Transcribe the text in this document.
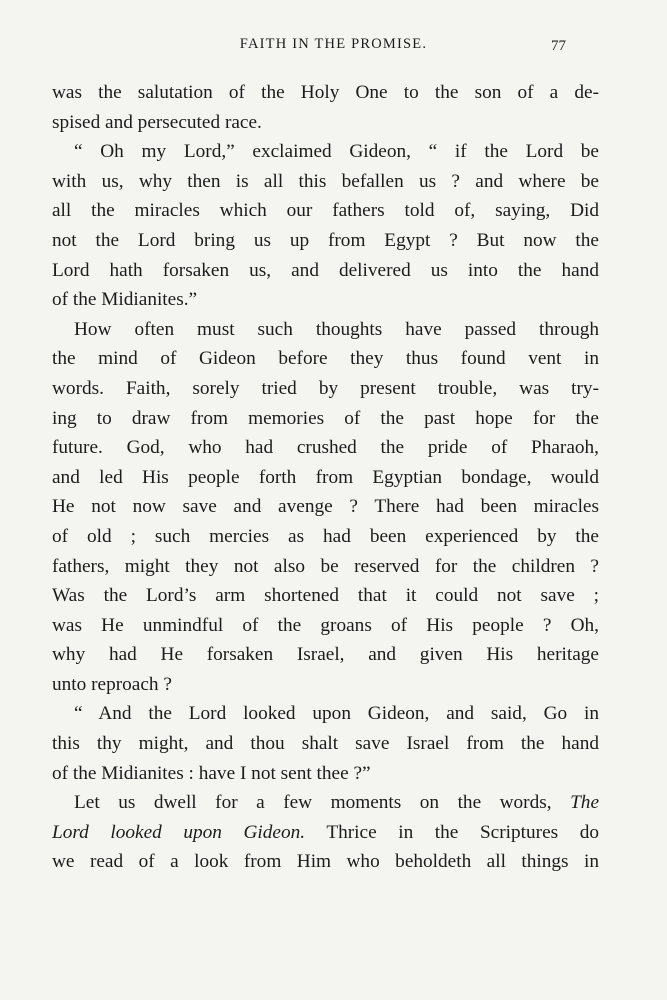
FAITH IN THE PROMISE.	77
was the salutation of the Holy One to the son of a de-
spised and persecuted race.
“ Oh my Lord,” exclaimed Gideon, “ if the Lord be
with us, why then is all this befallen us ? and where be
all the miracles which our fathers told of, saying, Did
not the Lord bring us up from Egypt ? But now the
Lord hath forsaken us, and delivered us into the hand
of the Midianites.”
How often must such thoughts have passed through
the mind of Gideon before they thus found vent in
words. Faith, sorely tried by present trouble, was try-
ing to draw from memories of the past hope for the
future. God, who had crushed the pride of Pharaoh,
and led His people forth from Egyptian bondage, would
He not now save and avenge ? There had been miracles
of old ; such mercies as had been experienced by the
fathers, might they not also be reserved for the children ?
Was the Lord’s arm shortened that it could not save ;
was He unmindful of the groans of His people ? Oh,
why had He forsaken Israel, and given His heritage
unto reproach ?
“ And the Lord looked upon Gideon, and said, Go in
this thy might, and thou shalt save Israel from the hand
of the Midianites : have I not sent thee ?”
Let us dwell for a few moments on the words, The
Lord looked upon Gideon. Thrice in the Scriptures do
we read of a look from Him who beholdeth all things in
